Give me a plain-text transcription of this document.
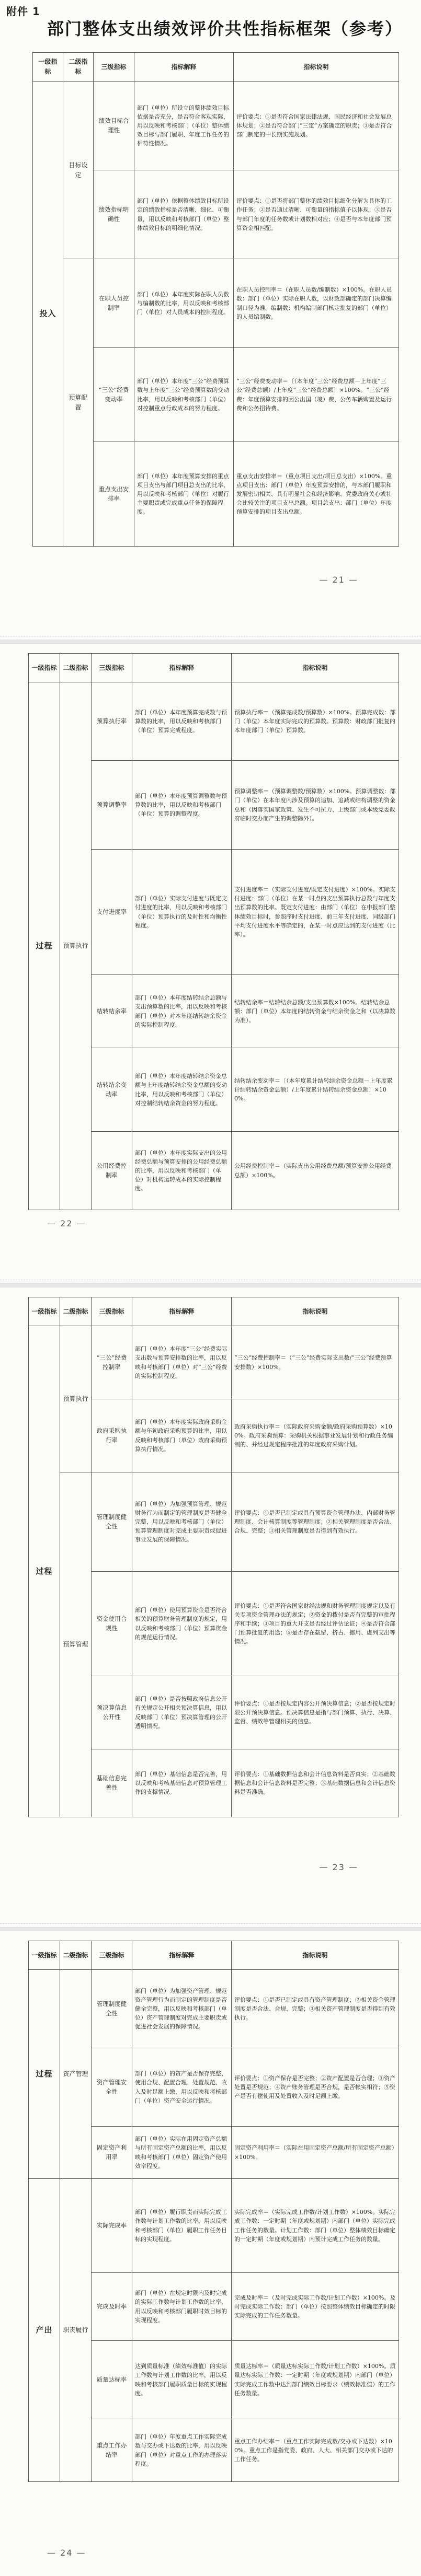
附件 1
部门整体支出绩效评价共性指标框架（参考）
一级指标	二级指标	三级指标	指标解释	指标说明
投入	目标设定	绩效目标合理性	部门（单位）所设立的整体绩效目标依据是否充分，是否符合客观实际，用以反映和考核部门（单位）整体绩效目标与部门履职、年度工作任务的相符性情况。	评价要点：①是否符合国家法律法规、国民经济和社会发展总体规划；②是否符合部门“三定”方案确定的职责；③是否符合部门制定的中长期实施规划。
		绩效指标明确性	部门（单位）依据整体绩效目标所设定的绩效指标是否清晰、细化、可衡量，用以反映和考核部门（单位）整体绩效目标的明细化情况。	评价要点：①是否将部门整体的绩效目标细化分解为具体的工作任务；②是否通过清晰、可衡量的指标值予以体现；③是否与部门年度的任务数或计划数相对应；④是否与本年度部门预算资金相匹配。
	预算配置	在职人员控制率	部门（单位）本年度实际在职人员数与编制数的比率，用以反映和考核部门（单位）对人员成本的控制程度。	在职人员控制率＝（在职人员数/编制数）×100%。在职人员数：部门（单位）实际在职人数，以财政部确定的部门决算编制口径为准。编制数：机构编制部门核定批复的部门（单位）的人员编制数。
		“三公”经费变动率	部门（单位）本年度“三公”经费预算数与上年度“三公”经费预算数的变动比率，用以反映和考核部门（单位）对控制重点行政成本的努力程度。	“三公”经费变动率＝〔（本年度“三公”经费总额－上年度“三公”经费总额）/上年度“三公”经费总额〕×100%。“三公”经费：年度预算安排的因公出国（境）费、公务车辆购置及运行费和公务招待费。
		重点支出安排率	部门（单位）本年度预算安排的重点项目支出与部门项目总支出的比率，用以反映和考核部门（单位）对履行主要职责或完成重点任务的保障程度。	重点支出安排率＝（重点项目支出/项目总支出）×100%。重点项目支出：部门（单位）年度预算安排的，与本部门履职和发展密切相关、具有明显社会和经济影响、党委政府关心或社会比较关注的项目支出总额。项目总支出：部门（单位）年度预算安排的项目支出总额。
— 21 —
一级指标	二级指标	三级指标	指标解释	指标说明
过程	预算执行	预算执行率	部门（单位）本年度预算完成数与预算数的比率，用以反映和考核部门（单位）预算完成程度。	预算执行率＝（预算完成数/预算数）×100%。预算完成数：部门（单位）本年度实际完成的预算数。预算数：财政部门批复的本年度部门（单位）预算数。
		预算调整率	部门（单位）本年度预算调整数与预算数的比率，用以反映和考核部门（单位）预算的调整程度。	预算调整率＝（预算调整数/预算数）×100%。预算调整数：部门（单位）在本年度内涉及预算的追加、追减或结构调整的资金总和（因落实国家政策、发生不可抗力、上级部门或本级党委政府临时交办而产生的调整除外）。
		支付进度率	部门（单位）实际支付进度与既定支付进度的比率，用以反映和考核部门（单位）预算执行的及时性和均衡性程度。	支付进度率＝（实际支付进度/既定支付进度）×100%。实际支付进度：部门（单位）在某一时点的支出预算执行总数与年度支出预算数的比率。既定支付进度：由部门（单位）在申报部门整体绩效目标时，参照序时支付进度、前三年支付进度、同级部门平均支付进度水平等确定的，在某一时点应达到的支付进度（比率）。
		结转结余率	部门（单位）本年度结转结余总额与支出预算数的比率，用以反映和考核部门（单位）对本年度结转结余资金的实际控制程度。	结转结余率＝结转结余总额/支出预算数×100%。结转结余总额：部门（单位）本年度的结转资金与结余资金之和（以决算数为准）。
		结转结余变动率	部门（单位）本年度结转结余资金总额与上年度结转结余资金总额的变动比率，用以反映和考核部门（单位）对控制结转结余资金的努力程度。	结转结余变动率＝〔（本年度累计结转结余资金总额－上年度累计结转结余资金总额）/上年度累计结转结余资金总额〕×100%。
		公用经费控制率	部门（单位）本年度实际支出的公用经费总额与预算安排的公用经费总额的比率，用以反映和考核部门（单位）对机构运转成本的实际控制程度。	公用经费控制率＝（实际支出公用经费总额/预算安排公用经费总额）×100%。
— 22 —
一级指标	二级指标	三级指标	指标解释	指标说明
过程	预算执行	“三公”经费控制率	部门（单位）本年度“三公”经费实际支出数与预算安排数的比率，用以反映和考核部门（单位）对“三公”经费的实际控制程度。	“三公”经费控制率＝（“三公”经费实际支出数/“三公”经费预算安排数）×100%。
		政府采购执行率	部门（单位）本年度实际政府采购金额与年初政府采购预算的比率，用以反映和考核部门（单位）政府采购预算执行情况。	政府采购执行率＝（实际政府采购金额/政府采购预算数）×100%。政府采购预算：采购机关根据事业发展计划和行政任务编制的、并经过规定程序批准的年度政府采购计划。
	预算管理	管理制度健全性	部门（单位）为加强预算管理、规范财务行为而制定的管理制度是否健全完整，用以反映和考核部门（单位）预算管理制度对完成主要职责或促进事业发展的保障情况。	评价要点：①是否已制定或具有预算资金管理办法、内部财务管理制度、会计核算制度等管理制度；②相关管理制度是否合法、合规、完整；③相关管理制度是否得到有效执行。
		资金使用合规性	部门（单位）使用预算资金是否符合相关的预算财务管理制度的规定，用以反映和考核部门（单位）预算资金的规范运行情况。	评价要点：①是否符合国家财经法规和财务管理制度规定以及有关专项资金管理办法的规定；②资金的拨付是否有完整的审批程序和手续；③项目的重大开支是否经过评估论证；④是否符合部门预算批复的用途；⑤是否存在截留、挤占、挪用、虚列支出等情况。
		预决算信息公开性	部门（单位）是否按照政府信息公开有关规定公开相关预决算信息，用以反映部门（单位）预决算管理的公开透明情况。	评价要点：①是否按规定内容公开预决算信息；②是否按规定时限公开预决算信息。预决算信息是指与部门预算、执行、决算、监督、绩效等管理相关的信息。
		基础信息完善性	部门（单位）基础信息是否完善，用以反映和考核基础信息对预算管理工作的支撑情况。	评价要点：①基础数据信息和会计信息资料是否真实；②基础数据信息和会计信息资料是否完整；③基础数据信息和会计信息资料是否准确。
— 23 —
一级指标	二级指标	三级指标	指标解释	指标说明
过程	资产管理	管理制度健全性	部门（单位）为加强资产管理、规范资产管理行为而制定的管理制度是否健全完整，用以反映和考核部门（单位）资产管理制度对完成主要职责或促进社会发展的保障情况。	评价要点：①是否已制定或具有资产管理制度；②相关资金管理制度是否合法、合规、完整；③相关资产管理制度是否得到有效执行。
		资产管理安全性	部门（单位）的资产是否保存完整、使用合规、配置合理、处置规范、收入及时足额上缴，用以反映和考核部门（单位）资产安全运行情况。	评价要点：①资产保存是否完整；②资产配置是否合理；③资产处置是否规范；④资产账务管理是否合规，是否帐实相符；⑤资产是否有偿使用及处置收入及时足额上缴。
		固定资产利用率	部门（单位）实际在用固定资产总额与所有固定资产总额的比率，用以反映和考核部门（单位）固定资产使用效率程度。	固定资产利用率＝（实际在用固定资产总额/所有固定资产总额）×100%。
产出	职责履行	实际完成率	部门（单位）履行职责而实际完成工作数与计划工作数的比率，用以反映和考核部门（单位）履职工作任务目标的实现程度。	实际完成率＝（实际完成工作数/计划工作数）×100%。实际完成工作数：一定时期（年度或规划期）内部门（单位）实际完成工作任务的数量。计划工作数：部门（单位）整体绩效目标确定的一定时期（年度或规划期）内预计完成工作任务的数量。
		完成及时率	部门（单位）在规定时限内及时完成的实际工作数与计划工作数的比率，用以反映和考核部门履职时效目标的实现程度。	完成及时率＝（及时完成实际工作数/计划工作数）×100%。及时完成实际工作数：部门（单位）按照整体绩效目标确定的时限实际完成的工作任务数量。
		质量达标率	达到质量标准（绩效标准值）的实际工作数与计划工作数的比率，用以反映和考核部门履职质量目标的实现程度。	质量达标率＝（质量达标实际工作数/计划工作数）×100%。质量达标实际工作数：一定时期（年度或规划期）内部门（单位）实际完成工作数中达到部门绩效目标要求（绩效标准值）的工作任务数量。
		重点工作办结率	部门（单位）年度重点工作实际完成数与交办或下达数的比率，用以反映部门（单位）对重点工作的办理落实程度。	重点工作办结率＝（重点工作实际完成数/交办或下达数）×100%。重点工作是指党委、政府、人大、相关部门交办或下达的工作任务。
— 24 —
